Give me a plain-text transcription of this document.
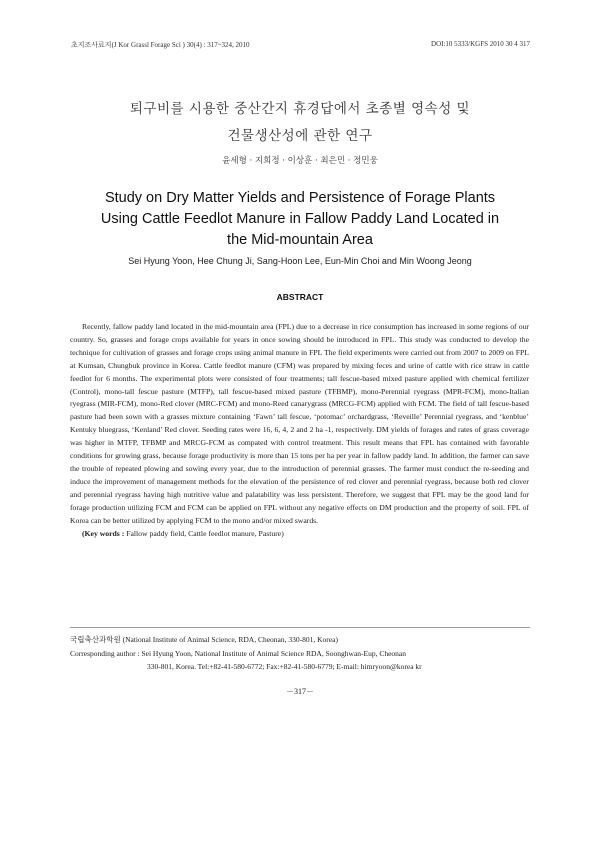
초지조사료지(J Kor Grassl Forage Sci ) 30(4) : 317~324, 2010	DOI:10 5333/KGFS 2010 30 4 317
퇴구비를 시용한 중산간지 휴경답에서 초종별 영속성 및
건물생산성에 관한 연구
윤세형 · 지희정 · 이상훈 · 최은민 · 정민웅
Study on Dry Matter Yields and Persistence of Forage Plants
Using Cattle Feedlot Manure in Fallow Paddy Land Located in
the Mid-mountain Area
Sei Hyung Yoon, Hee Chung Ji, Sang-Hoon Lee, Eun-Min Choi and Min Woong Jeong
ABSTRACT

Recently, fallow paddy land located in the mid-mountain area (FPL) due to a decrease in rice consumption has increased in some regions of our country. So, grasses and forage crops available for years in once sowing should be introduced in FPL. This study was conducted to develop the technique for cultivation of grasses and forage crops using animal manure in FPL The field experiments were carried out from 2007 to 2009 on FPL at Kumsan, Chungbuk province in Korea. Cattle feedlot manure (CFM) was prepared by mixing feces and urine of cattle with rice straw in cattle feedlot for 6 months. The experimental plots were consisted of four treatments; tall fescue-based mixed pasture applied with chemical fertilizer (Control), mono-tall fescue pasture (MTFP), tall fescue-based mixed pasture (TFBMP), mono-Perennial ryegrass (MPR-FCM), mono-Italian ryegrass (MIR-FCM), mono-Red clover (MRC-FCM) and mono-Reed canarygrass (MRCG-FCM) applied with FCM. The field of tall fescue-based pasture had been sown with a grasses mixture containing ‘Fawn’ tall fescue, ‘potomac’ orchardgrass, ‘Reveille’ Perennial ryegrass, and ‘kenblue’ Kentuky bluegrass, ‘Kenland’ Red clover. Seeding rates were 16, 6, 4, 2 and 2 ha -1, respectively. DM yields of forages and rates of grass coverage was higher in MTFP, TFBMP and MRCG-FCM as compated with control treatment. This result means that FPL has contained with favorable conditions for growing grass, because forage productivity is more than 15 tons per ha per year in fallow paddy land. In addition, the farmer can save the trouble of repeated plowing and sowing every year, due to the introduction of perennial grasses. The farmer must conduct the re-seeding and induce the improvement of management methods for the elevation of the persistence of red clover and perennial ryegrass, because both red clover and perennial ryegrass having high nutritive value and palatability was less persistent. Therefore, we suggest that FPL may be the good land for forage production utilizing FCM and FCM can be applied on FPL without any negative effects on DM production and the property of soil. FPL of Korea can be better utilized by applying FCM to the mono and/or mixed swards.

(Key words : Fallow paddy field, Cattle feedlot manure, Pasture)

국립축산과학원 (National Institute of Animal Science, RDA, Cheonan, 330-801, Korea)
Corresponding author : Sei Hyung Yoon, National Institute of Animal Science RDA, Soonghwan-Eup, Cheonan
330-801, Korea. Tel:+82-41-580-6772; Fax:+82-41-580-6779; E-mail: himryoon@korea kr
－317－
